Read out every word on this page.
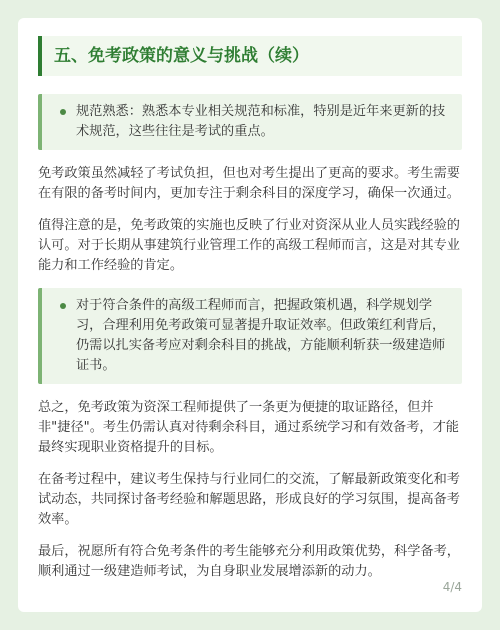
五、免考政策的意义与挑战（续）
规范熟悉：熟悉本专业相关规范和标准，特别是近年来更新的技术规范，这些往往是考试的重点。

免考政策虽然减轻了考试负担，但也对考生提出了更高的要求。考生需要在有限的备考时间内，更加专注于剩余科目的深度学习，确保一次通过。

值得注意的是，免考政策的实施也反映了行业对资深从业人员实践经验的认可。对于长期从事建筑行业管理工作的高级工程师而言，这是对其专业能力和工作经验的肯定。

对于符合条件的高级工程师而言，把握政策机遇，科学规划学习，合理利用免考政策可显著提升取证效率。但政策红利背后，仍需以扎实备考应对剩余科目的挑战，方能顺利斩获一级建造师证书。

总之，免考政策为资深工程师提供了一条更为便捷的取证路径，但并非"捷径"。考生仍需认真对待剩余科目，通过系统学习和有效备考，才能最终实现职业资格提升的目标。

在备考过程中，建议考生保持与行业同仁的交流，了解最新政策变化和考试动态，共同探讨备考经验和解题思路，形成良好的学习氛围，提高备考效率。

最后，祝愿所有符合免考条件的考生能够充分利用政策优势，科学备考，顺利通过一级建造师考试，为自身职业发展增添新的动力。

4/4
